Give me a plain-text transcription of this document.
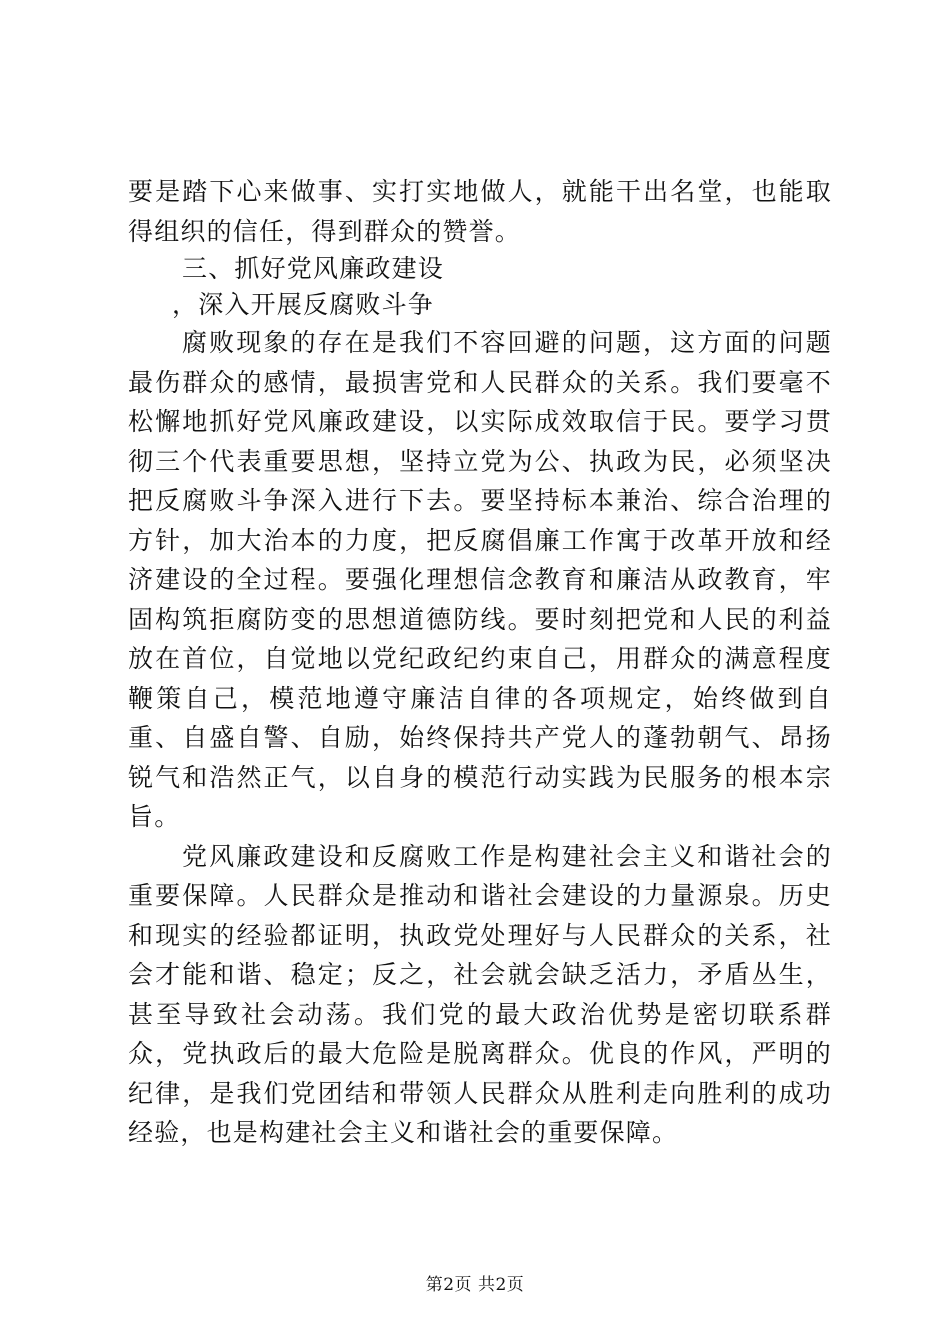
要是踏下心来做事、实打实地做人，就能干出名堂，也能取得组织的信任，得到群众的赞誉。

三、抓好党风廉政建设

，深入开展反腐败斗争

腐败现象的存在是我们不容回避的问题，这方面的问题最伤群众的感情，最损害党和人民群众的关系。我们要毫不松懈地抓好党风廉政建设，以实际成效取信于民。要学习贯彻三个代表重要思想，坚持立党为公、执政为民，必须坚决把反腐败斗争深入进行下去。要坚持标本兼治、综合治理的方针，加大治本的力度，把反腐倡廉工作寓于改革开放和经济建设的全过程。要强化理想信念教育和廉洁从政教育，牢固构筑拒腐防变的思想道德防线。要时刻把党和人民的利益放在首位，自觉地以党纪政纪约束自己，用群众的满意程度鞭策自己，模范地遵守廉洁自律的各项规定，始终做到自重、自盛自警、自励，始终保持共产党人的蓬勃朝气、昂扬锐气和浩然正气，以自身的模范行动实践为民服务的根本宗旨。

党风廉政建设和反腐败工作是构建社会主义和谐社会的重要保障。人民群众是推动和谐社会建设的力量源泉。历史和现实的经验都证明，执政党处理好与人民群众的关系，社会才能和谐、稳定；反之，社会就会缺乏活力，矛盾丛生，甚至导致社会动荡。我们党的最大政治优势是密切联系群众，党执政后的最大危险是脱离群众。优良的作风，严明的纪律，是我们党团结和带领人民群众从胜利走向胜利的成功经验，也是构建社会主义和谐社会的重要保障。

第2页 共2页
